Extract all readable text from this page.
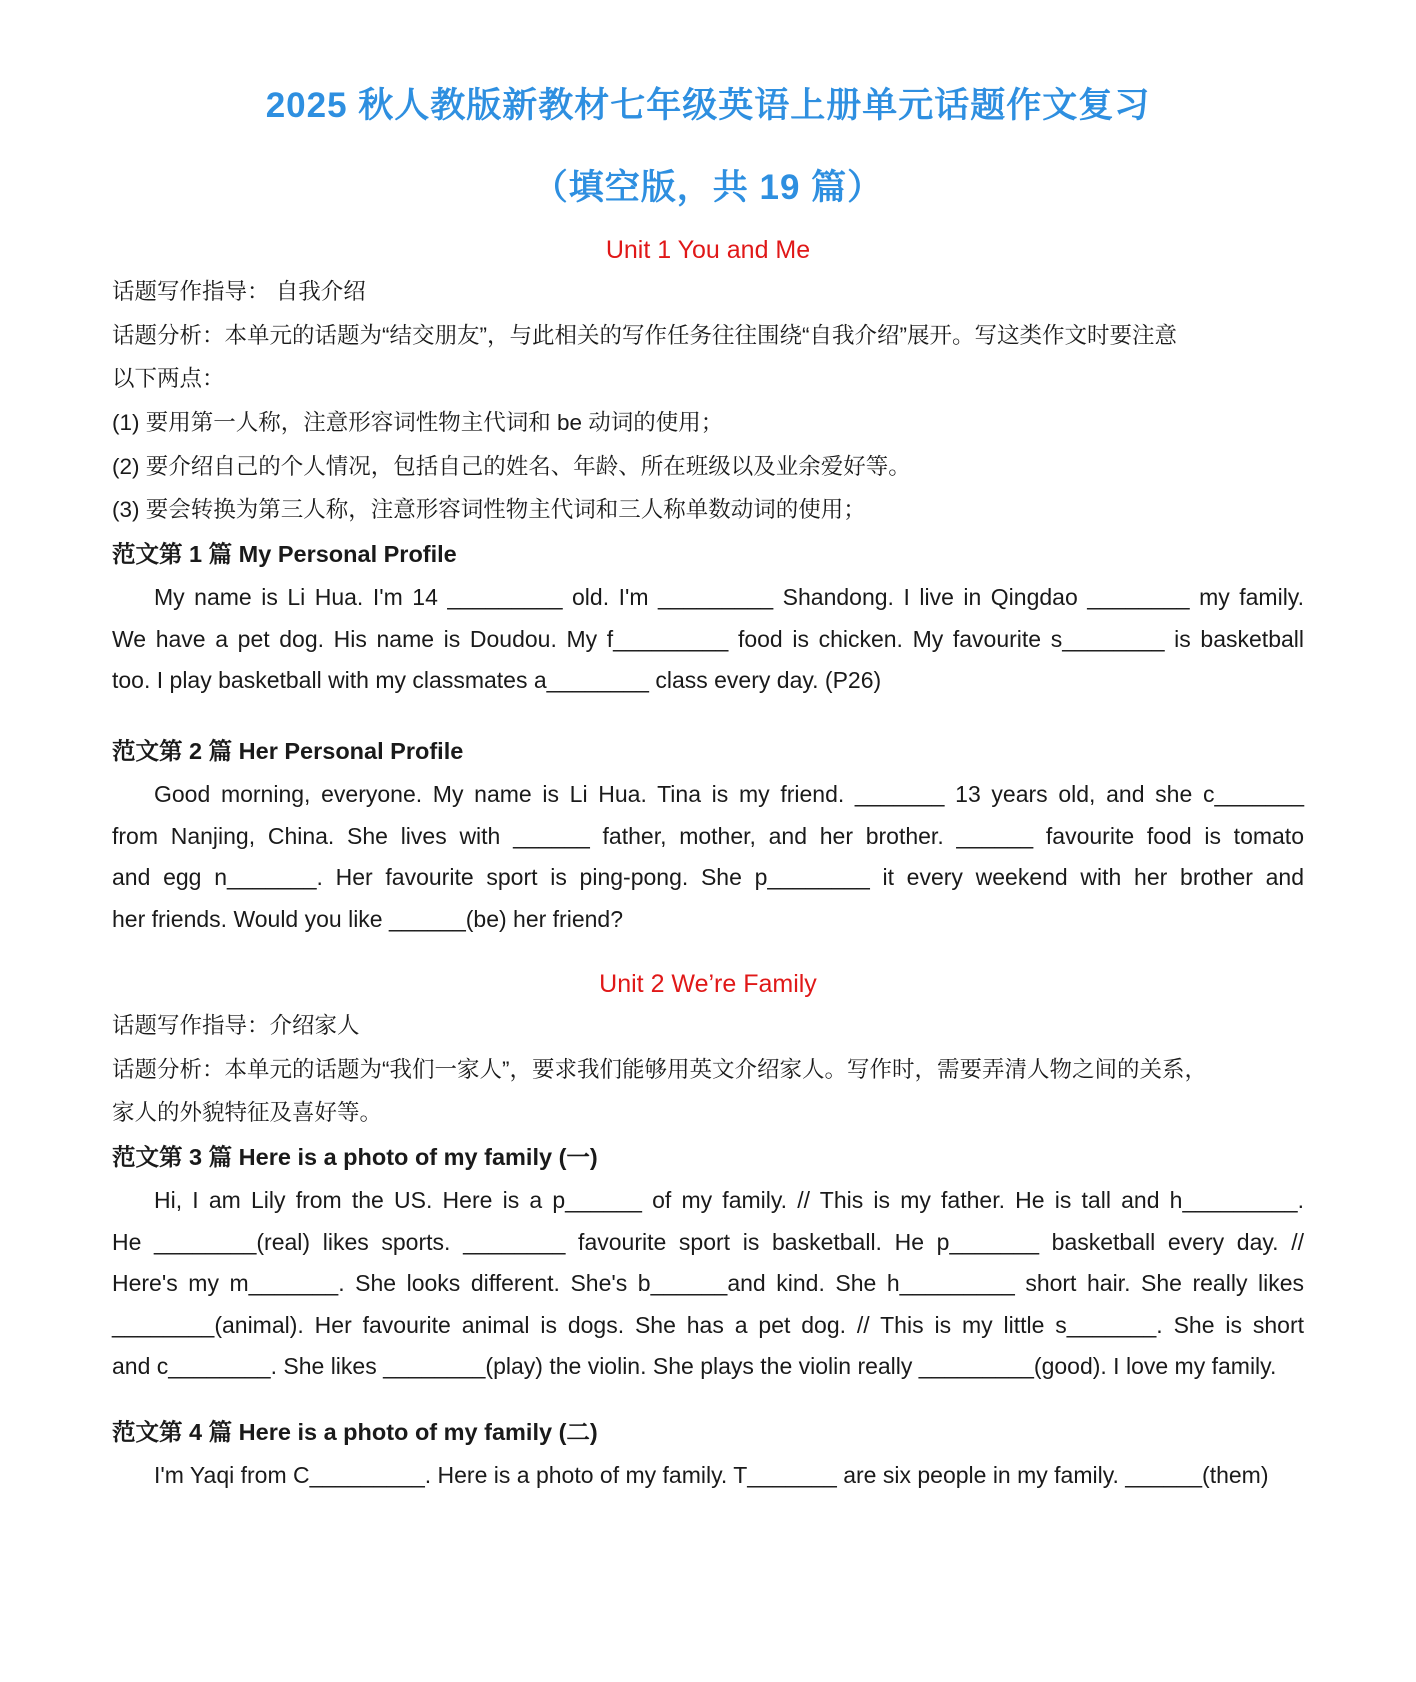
2025 秋人教版新教材七年级英语上册单元话题作文复习
（填空版，共 19 篇）
Unit 1 You and Me
话题写作指导： 自我介绍
话题分析：本单元的话题为“结交朋友”，与此相关的写作任务往往围绕“自我介绍”展开。写这类作文时要注意
以下两点：
(1) 要用第一人称，注意形容词性物主代词和 be 动词的使用；
(2) 要介绍自己的个人情况，包括自己的姓名、年龄、所在班级以及业余爱好等。
(3) 要会转换为第三人称，注意形容词性物主代词和三人称单数动词的使用；
范文第 1 篇 My Personal Profile

My name is Li Hua. I'm 14 _________ old. I'm _________ Shandong. I live in Qingdao ________ my family.

We have a pet dog. His name is Doudou. My f_________ food is chicken. My favourite s________ is basketball

too. I play basketball with my classmates a________ class every day. (P26)

范文第 2 篇 Her Personal Profile

Good morning, everyone. My name is Li Hua. Tina is my friend. _______ 13 years old, and she c_______

from Nanjing, China. She lives with ______ father, mother, and her brother. ______ favourite food is tomato

and egg n_______. Her favourite sport is ping-pong. She p________ it every weekend with her brother and

her friends. Would you like ______(be) her friend?

Unit 2 We’re Family
话题写作指导：介绍家人
话题分析：本单元的话题为“我们一家人”，要求我们能够用英文介绍家人。写作时，需要弄清人物之间的关系，
家人的外貌特征及喜好等。
范文第 3 篇 Here is a photo of my family (一)

Hi, I am Lily from the US. Here is a p______ of my family. // This is my father. He is tall and h_________.

He ________(real) likes sports. ________ favourite sport is basketball. He p_______ basketball every day. //

Here's my m_______. She looks different. She's b______and kind. She h_________ short hair. She really likes

________(animal). Her favourite animal is dogs. She has a pet dog. // This is my little s_______. She is short

and c________. She likes ________(play) the violin. She plays the violin really _________(good). I love my family.

范文第 4 篇 Here is a photo of my family (二)

I'm Yaqi from C_________. Here is a photo of my family. T_______ are six people in my family. ______(them)
